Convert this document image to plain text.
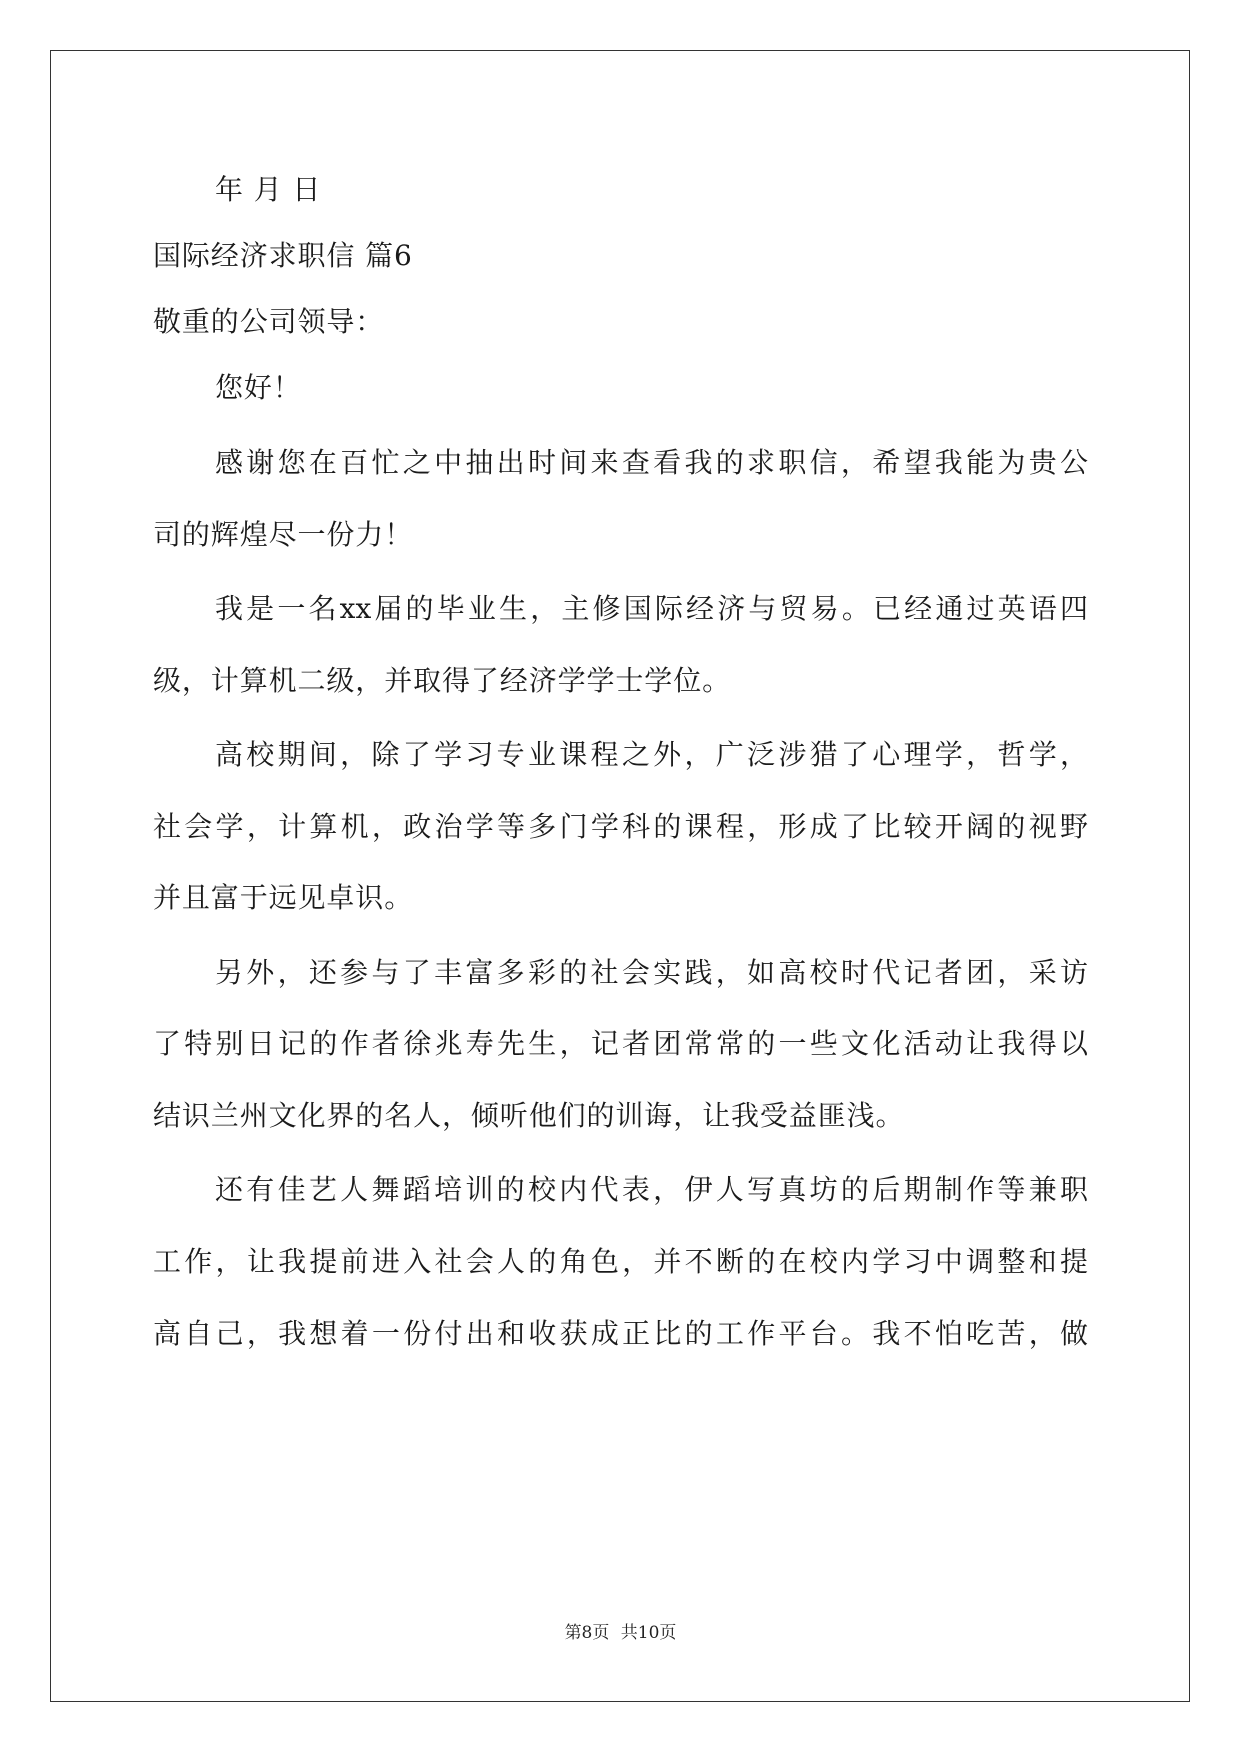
年 月 日
国际经济求职信 篇6
敬重的公司领导：
您好！
感谢您在百忙之中抽出时间来查看我的求职信，希望我能为贵公
司的辉煌尽一份力！
我是一名xx届的毕业生，主修国际经济与贸易。已经通过英语四
级，计算机二级，并取得了经济学学士学位。
高校期间，除了学习专业课程之外，广泛涉猎了心理学，哲学，
社会学，计算机，政治学等多门学科的课程，形成了比较开阔的视野
并且富于远见卓识。
另外，还参与了丰富多彩的社会实践，如高校时代记者团，采访
了特别日记的作者徐兆寿先生，记者团常常的一些文化活动让我得以
结识兰州文化界的名人，倾听他们的训诲，让我受益匪浅。
还有佳艺人舞蹈培训的校内代表，伊人写真坊的后期制作等兼职
工作，让我提前进入社会人的角色，并不断的在校内学习中调整和提
高自己，我想着一份付出和收获成正比的工作平台。我不怕吃苦，做
第8页 共10页
